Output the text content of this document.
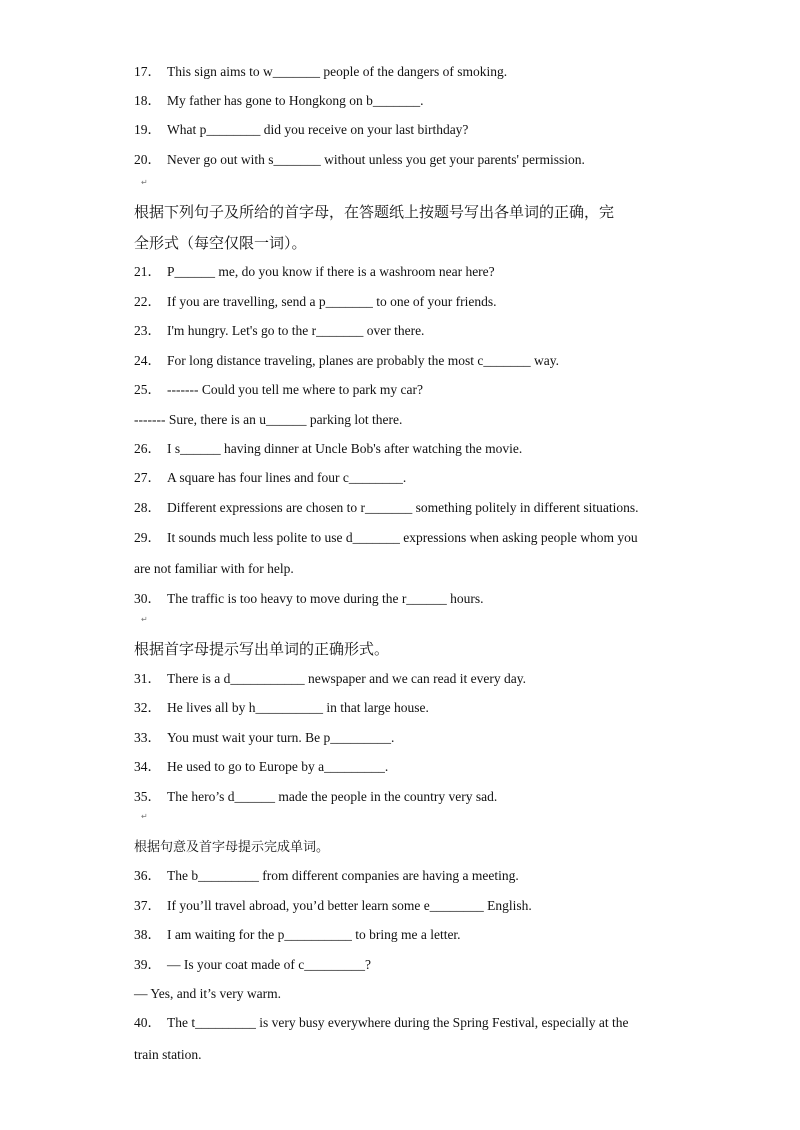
17． This sign aims to w_______ people of the dangers of smoking.
18． My father has gone to Hongkong on b_______.
19． What p________ did you receive on your last birthday?
20． Never go out with s_______ without unless you get your parents' permission.
↵
根据下列句子及所给的首字母，在答题纸上按题号写出各单词的正确，完
全形式（每空仅限一词）。
21． P______ me, do you know if there is a washroom near here?
22． If you are travelling, send a p_______ to one of your friends.
23． I'm hungry. Let's go to the r_______ over there.
24． For long distance traveling, planes are probably the most c_______ way.
25． ------- Could you tell me where to park my car?
------- Sure, there is an u______ parking lot there.
26． I s______ having dinner at Uncle Bob's after watching the movie.
27． A square has four lines and four c________.
28． Different expressions are chosen to r_______ something politely in different situations.
29． It sounds much less polite to use d_______ expressions when asking people whom you
are not familiar with for help.
30． The traffic is too heavy to move during the r______ hours.
↵
根据首字母提示写出单词的正确形式。
31． There is a d___________ newspaper and we can read it every day.
32． He lives all by h__________ in that large house.
33． You must wait your turn. Be p_________.
34． He used to go to Europe by a_________.
35． The hero’s d______ made the people in the country very sad.
↵
根据句意及首字母提示完成单词。
36． The b_________ from different companies are having a meeting.
37． If you’ll travel abroad, you’d better learn some e________ English.
38． I am waiting for the p__________ to bring me a letter.
39． — Is your coat made of c_________?
— Yes, and it’s very warm.
40． The t_________ is very busy everywhere during the Spring Festival, especially at the
train station.
